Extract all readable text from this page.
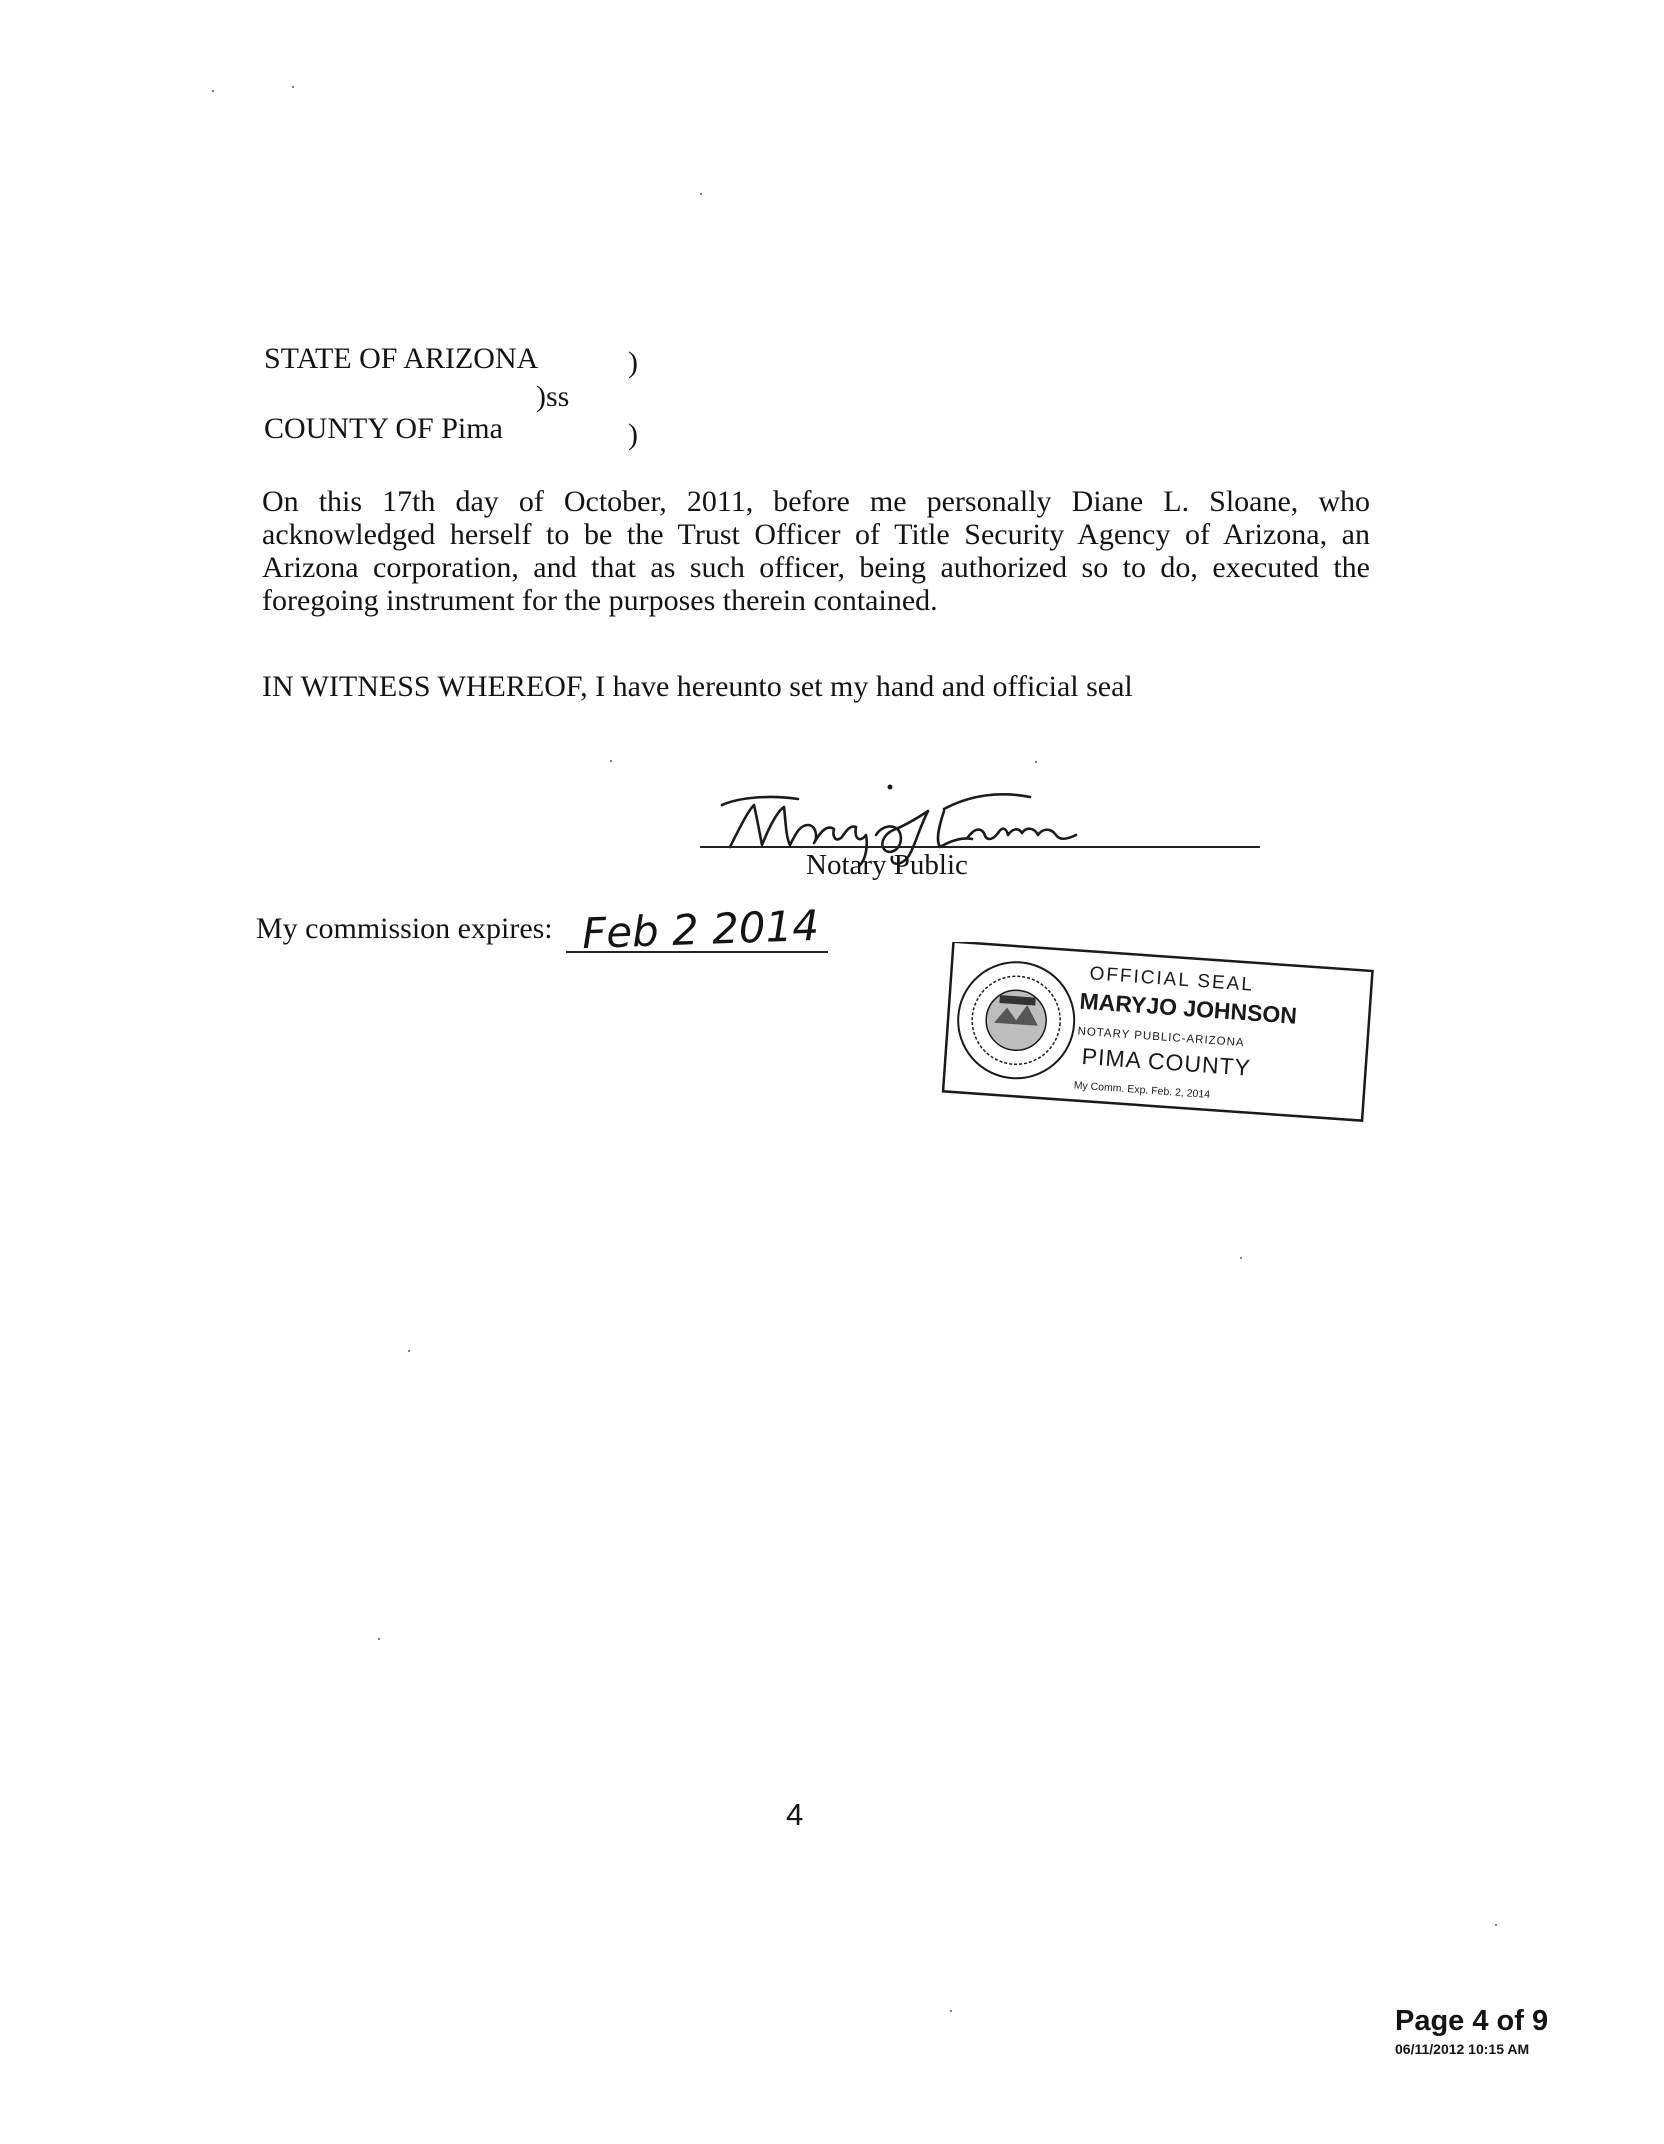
STATE OF ARIZONA	)
)ss
COUNTY OF Pima	)
On this 17th day of October, 2011, before me personally Diane L. Sloane, who acknowledged herself to be the Trust Officer of Title Security Agency of Arizona, an Arizona corporation, and that as such officer, being authorized so to do, executed the foregoing instrument for the purposes therein contained.
IN WITNESS WHEREOF, I have hereunto set my hand and official seal
Notary Public
My commission expires: Feb 2 2014
OFFICIAL SEAL
MARYJO JOHNSON
NOTARY PUBLIC-ARIZONA
PIMA COUNTY
My Comm. Exp. Feb. 2, 2014
4
Page 4 of 9
06/11/2012 10:15 AM
